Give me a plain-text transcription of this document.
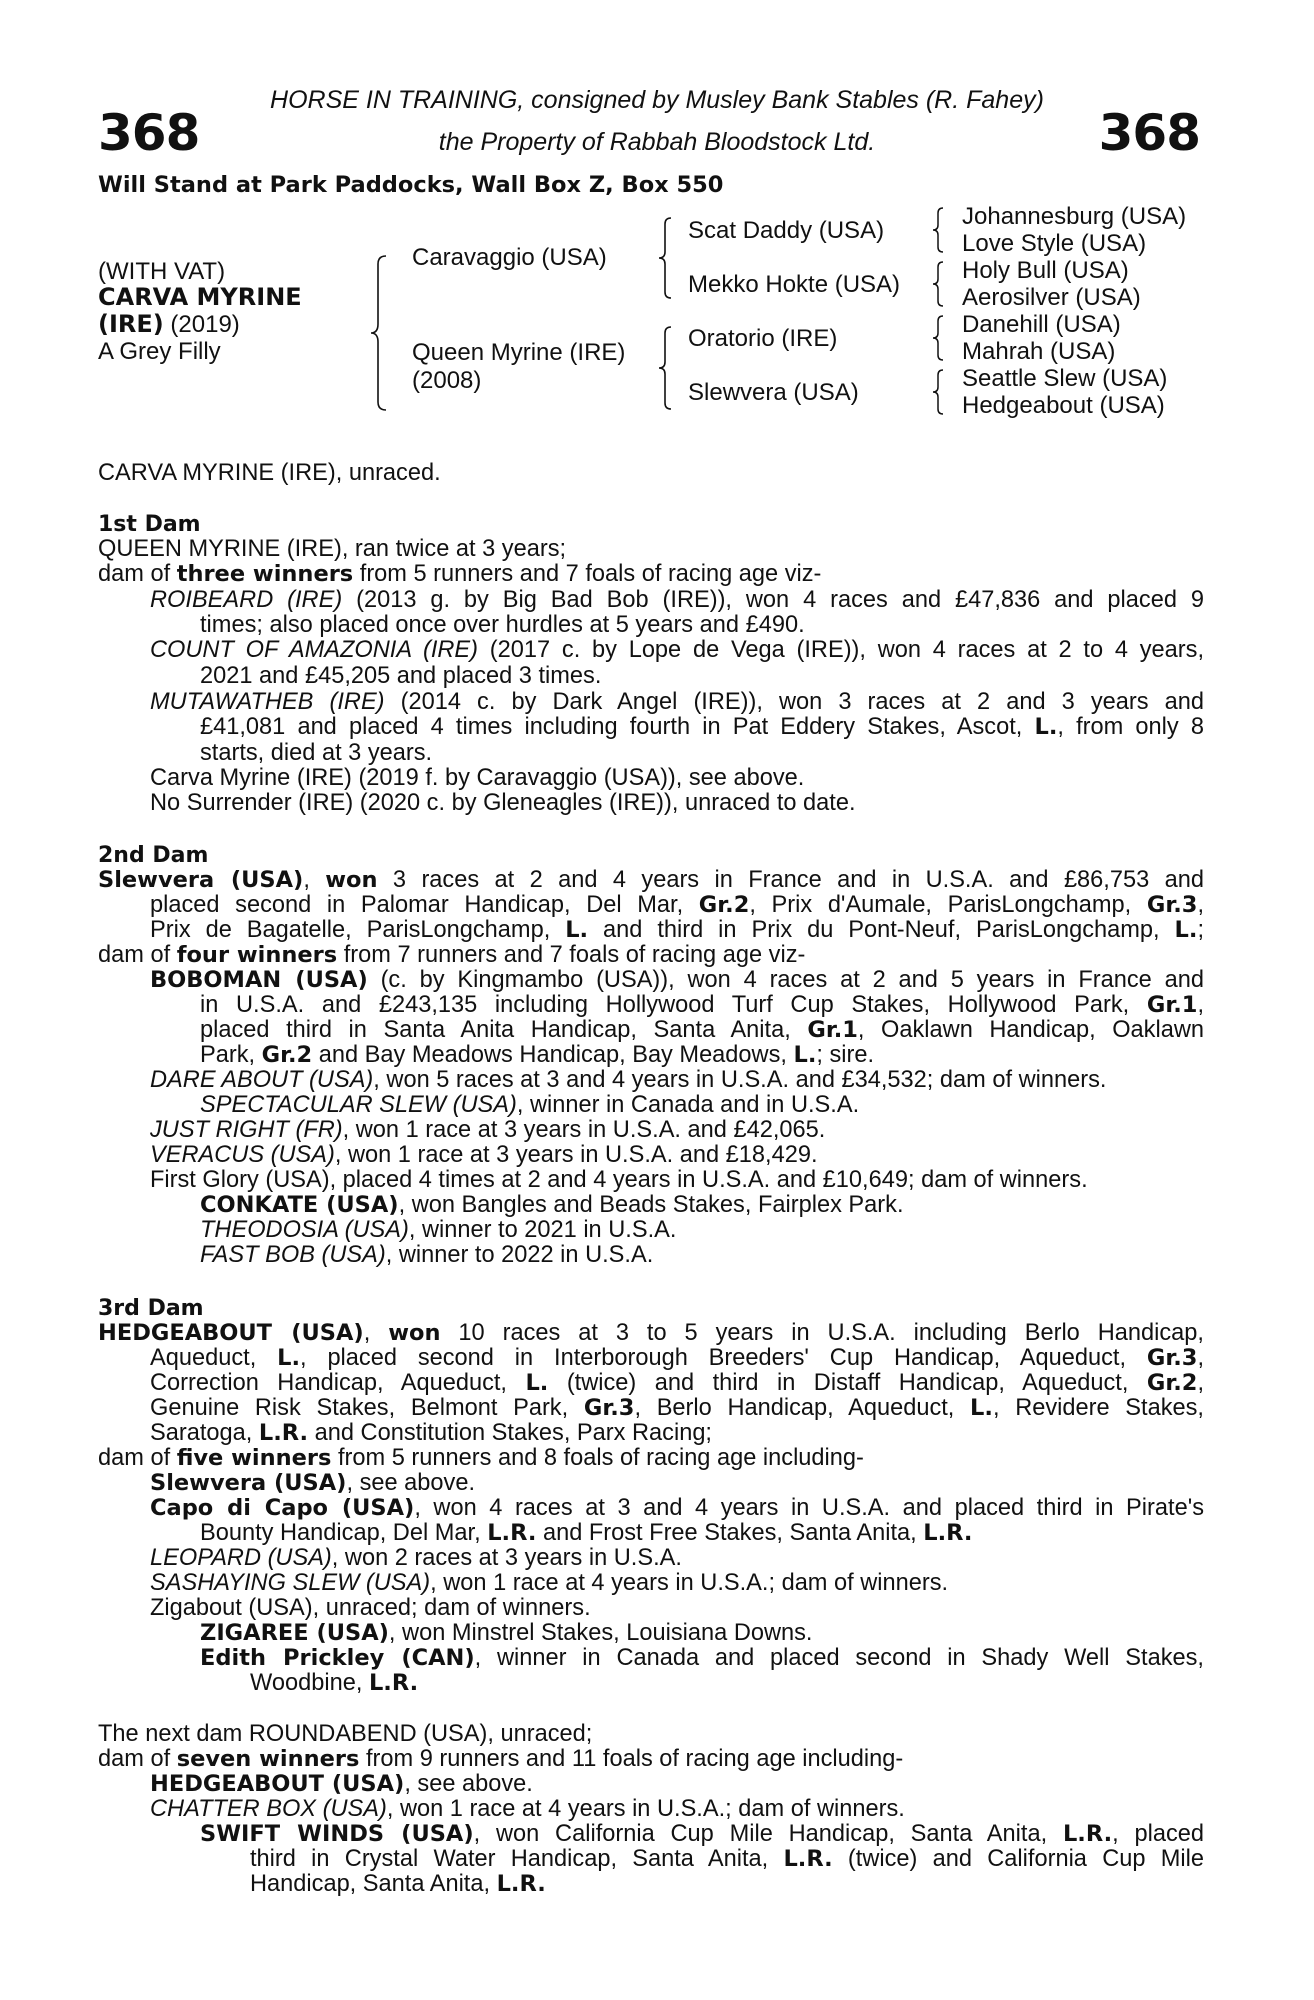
368	368
HORSE IN TRAINING, consigned by Musley Bank Stables (R. Fahey)
the Property of Rabbah Bloodstock Ltd.
Will Stand at Park Paddocks, Wall Box Z, Box 550
(WITH VAT)
CARVA MYRINE
(IRE) (2019)
A Grey Filly
Caravaggio (USA)
Queen Myrine (IRE)
(2008)
Scat Daddy (USA)
Mekko Hokte (USA)
Oratorio (IRE)
Slewvera (USA)
Johannesburg (USA)
Love Style (USA)
Holy Bull (USA)
Aerosilver (USA)
Danehill (USA)
Mahrah (USA)
Seattle Slew (USA)
Hedgeabout (USA)
CARVA MYRINE (IRE), unraced.
1st Dam
QUEEN MYRINE (IRE), ran twice at 3 years;
dam of three winners from 5 runners and 7 foals of racing age viz-
ROIBEARD (IRE) (2013 g. by Big Bad Bob (IRE)), won 4 races and £47,836 and placed 9
times; also placed once over hurdles at 5 years and £490.
COUNT OF AMAZONIA (IRE) (2017 c. by Lope de Vega (IRE)), won 4 races at 2 to 4 years,
2021 and £45,205 and placed 3 times.
MUTAWATHEB (IRE) (2014 c. by Dark Angel (IRE)), won 3 races at 2 and 3 years and
£41,081 and placed 4 times including fourth in Pat Eddery Stakes, Ascot, L., from only 8
starts, died at 3 years.
Carva Myrine (IRE) (2019 f. by Caravaggio (USA)), see above.
No Surrender (IRE) (2020 c. by Gleneagles (IRE)), unraced to date.
2nd Dam
Slewvera (USA), won 3 races at 2 and 4 years in France and in U.S.A. and £86,753 and
placed second in Palomar Handicap, Del Mar, Gr.2, Prix d'Aumale, ParisLongchamp, Gr.3,
Prix de Bagatelle, ParisLongchamp, L. and third in Prix du Pont-Neuf, ParisLongchamp, L.;
dam of four winners from 7 runners and 7 foals of racing age viz-
BOBOMAN (USA) (c. by Kingmambo (USA)), won 4 races at 2 and 5 years in France and
in U.S.A. and £243,135 including Hollywood Turf Cup Stakes, Hollywood Park, Gr.1,
placed third in Santa Anita Handicap, Santa Anita, Gr.1, Oaklawn Handicap, Oaklawn
Park, Gr.2 and Bay Meadows Handicap, Bay Meadows, L.; sire.
DARE ABOUT (USA), won 5 races at 3 and 4 years in U.S.A. and £34,532; dam of winners.
SPECTACULAR SLEW (USA), winner in Canada and in U.S.A.
JUST RIGHT (FR), won 1 race at 3 years in U.S.A. and £42,065.
VERACUS (USA), won 1 race at 3 years in U.S.A. and £18,429.
First Glory (USA), placed 4 times at 2 and 4 years in U.S.A. and £10,649; dam of winners.
CONKATE (USA), won Bangles and Beads Stakes, Fairplex Park.
THEODOSIA (USA), winner to 2021 in U.S.A.
FAST BOB (USA), winner to 2022 in U.S.A.
3rd Dam
HEDGEABOUT (USA), won 10 races at 3 to 5 years in U.S.A. including Berlo Handicap,
Aqueduct, L., placed second in Interborough Breeders' Cup Handicap, Aqueduct, Gr.3,
Correction Handicap, Aqueduct, L. (twice) and third in Distaff Handicap, Aqueduct, Gr.2,
Genuine Risk Stakes, Belmont Park, Gr.3, Berlo Handicap, Aqueduct, L., Revidere Stakes,
Saratoga, L.R. and Constitution Stakes, Parx Racing;
dam of five winners from 5 runners and 8 foals of racing age including-
Slewvera (USA), see above.
Capo di Capo (USA), won 4 races at 3 and 4 years in U.S.A. and placed third in Pirate's
Bounty Handicap, Del Mar, L.R. and Frost Free Stakes, Santa Anita, L.R.
LEOPARD (USA), won 2 races at 3 years in U.S.A.
SASHAYING SLEW (USA), won 1 race at 4 years in U.S.A.; dam of winners.
Zigabout (USA), unraced; dam of winners.
ZIGAREE (USA), won Minstrel Stakes, Louisiana Downs.
Edith Prickley (CAN), winner in Canada and placed second in Shady Well Stakes,
Woodbine, L.R.
The next dam ROUNDABEND (USA), unraced;
dam of seven winners from 9 runners and 11 foals of racing age including-
HEDGEABOUT (USA), see above.
CHATTER BOX (USA), won 1 race at 4 years in U.S.A.; dam of winners.
SWIFT WINDS (USA), won California Cup Mile Handicap, Santa Anita, L.R., placed
third in Crystal Water Handicap, Santa Anita, L.R. (twice) and California Cup Mile
Handicap, Santa Anita, L.R.
